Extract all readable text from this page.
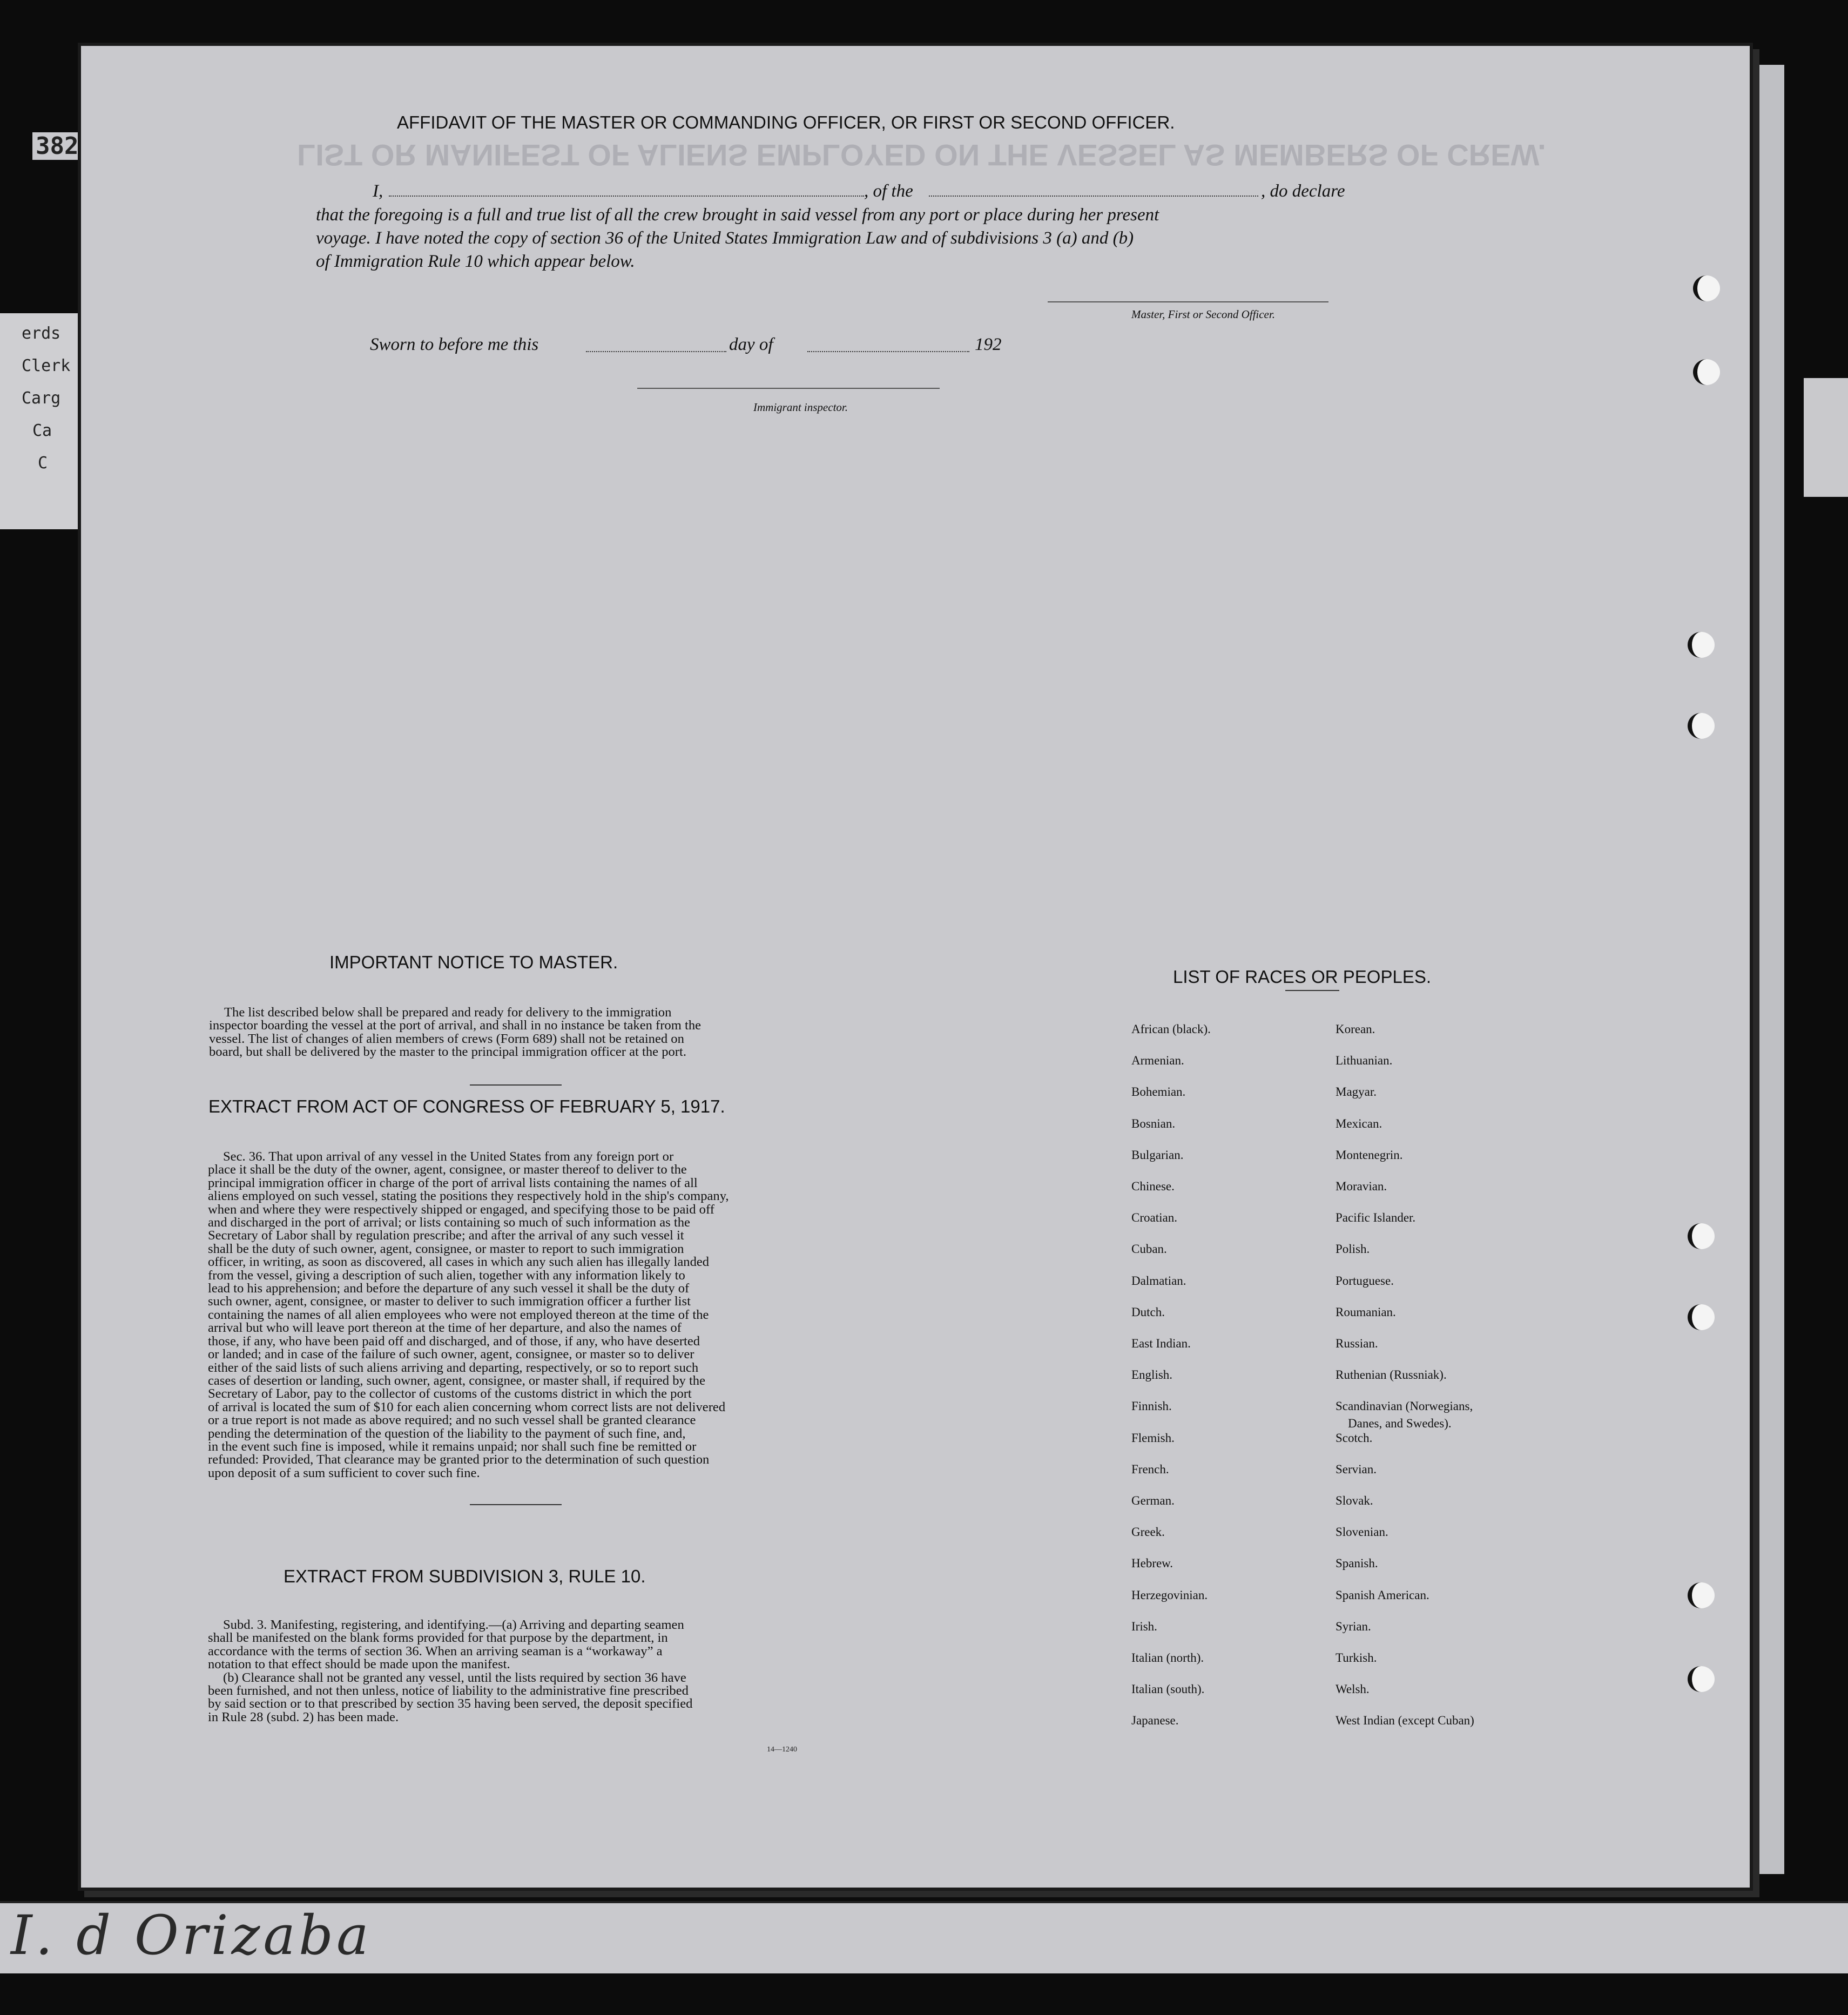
erds
Clerk
Carg
Ca
C
382	LIST OR MANIFEST OF ALIENS EMPLOYED ON THE VESSEL AS MEMBERS OF CREW.
AFFIDAVIT OF THE MASTER OR COMMANDING OFFICER, OR FIRST OR SECOND OFFICER.
I,	, of the	, do declare
that the foregoing is a full and true list of all the crew brought in said vessel from any port or place during her present
voyage. I have noted the copy of section 36 of the United States Immigration Law and of subdivisions 3 (a) and (b)
of Immigration Rule 10 which appear below.
Master, First or Second Officer.
Sworn to before me this	day of	192
Immigrant inspector.
IMPORTANT NOTICE TO MASTER.
The list described below shall be prepared and ready for delivery to the immigration
inspector boarding the vessel at the port of arrival, and shall in no instance be taken from the
vessel. The list of changes of alien members of crews (Form 689) shall not be retained on
board, but shall be delivered by the master to the principal immigration officer at the port.
EXTRACT FROM ACT OF CONGRESS OF FEBRUARY 5, 1917.
Sec. 36. That upon arrival of any vessel in the United States from any foreign port or
place it shall be the duty of the owner, agent, consignee, or master thereof to deliver to the
principal immigration officer in charge of the port of arrival lists containing the names of all
aliens employed on such vessel, stating the positions they respectively hold in the ship's company,
when and where they were respectively shipped or engaged, and specifying those to be paid off
and discharged in the port of arrival; or lists containing so much of such information as the
Secretary of Labor shall by regulation prescribe; and after the arrival of any such vessel it
shall be the duty of such owner, agent, consignee, or master to report to such immigration
officer, in writing, as soon as discovered, all cases in which any such alien has illegally landed
from the vessel, giving a description of such alien, together with any information likely to
lead to his apprehension; and before the departure of any such vessel it shall be the duty of
such owner, agent, consignee, or master to deliver to such immigration officer a further list
containing the names of all alien employees who were not employed thereon at the time of the
arrival but who will leave port thereon at the time of her departure, and also the names of
those, if any, who have been paid off and discharged, and of those, if any, who have deserted
or landed; and in case of the failure of such owner, agent, consignee, or master so to deliver
either of the said lists of such aliens arriving and departing, respectively, or so to report such
cases of desertion or landing, such owner, agent, consignee, or master shall, if required by the
Secretary of Labor, pay to the collector of customs of the customs district in which the port
of arrival is located the sum of $10 for each alien concerning whom correct lists are not delivered
or a true report is not made as above required; and no such vessel shall be granted clearance
pending the determination of the question of the liability to the payment of such fine, and,
in the event such fine is imposed, while it remains unpaid; nor shall such fine be remitted or
refunded: Provided, That clearance may be granted prior to the determination of such question
upon deposit of a sum sufficient to cover such fine.
EXTRACT FROM SUBDIVISION 3, RULE 10.
Subd. 3. Manifesting, registering, and identifying.—(a) Arriving and departing seamen
shall be manifested on the blank forms provided for that purpose by the department, in
accordance with the terms of section 36. When an arriving seaman is a “workaway” a
notation to that effect should be made upon the manifest.
(b) Clearance shall not be granted any vessel, until the lists required by section 36 have
been furnished, and not then unless, notice of liability to the administrative fine prescribed
by said section or to that prescribed by section 35 having been served, the deposit specified
in Rule 28 (subd. 2) has been made.
14—1240
LIST OF RACES OR PEOPLES.
African (black).
Armenian.
Bohemian.
Bosnian.
Bulgarian.
Chinese.
Croatian.
Cuban.
Dalmatian.
Dutch.
East Indian.
English.
Finnish.
Flemish.
French.
German.
Greek.
Hebrew.
Herzegovinian.
Irish.
Italian (north).
Italian (south).
Japanese.
Korean.
Lithuanian.
Magyar.
Mexican.
Montenegrin.
Moravian.
Pacific Islander.
Polish.
Portuguese.
Roumanian.
Russian.
Ruthenian (Russniak).
Scandinavian (Norwegians,
Scotch.
Servian.
Slovak.
Slovenian.
Spanish.
Spanish American.
Syrian.
Turkish.
Welsh.
West Indian (except Cuban)
Danes, and Swedes).
I. d Orizaba
